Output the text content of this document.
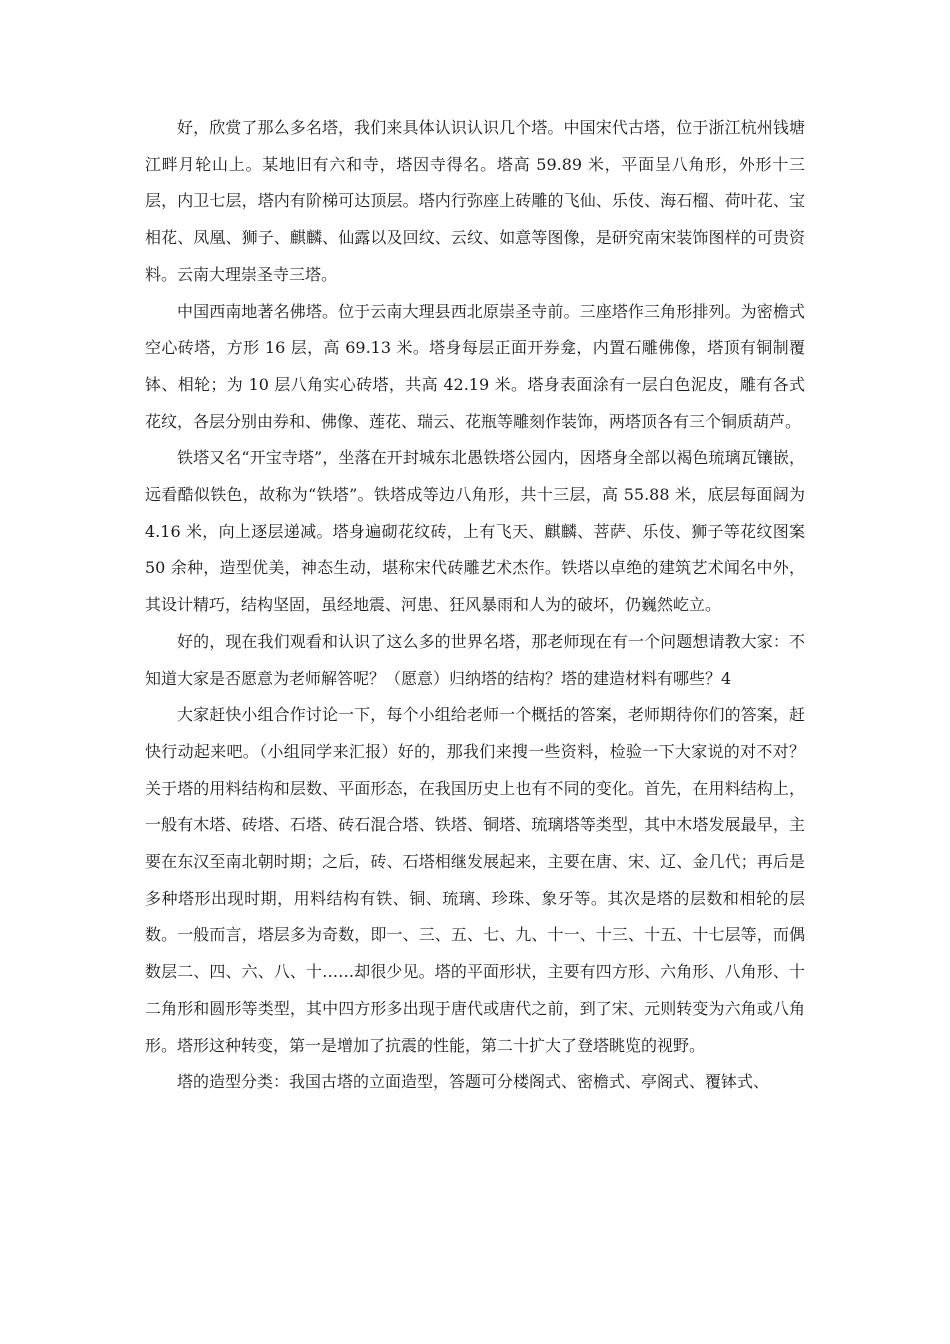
好，欣赏了那么多名塔，我们来具体认识认识几个塔。中国宋代古塔，位于浙江杭州钱塘江畔月轮山上。某地旧有六和寺，塔因寺得名。塔高 59.89 米，平面呈八角形，外形十三层，内卫七层，塔内有阶梯可达顶层。塔内行弥座上砖雕的飞仙、乐伎、海石榴、荷叶花、宝相花、凤凰、狮子、麒麟、仙露以及回纹、云纹、如意等图像，是研究南宋装饰图样的可贵资料。云南大理崇圣寺三塔。

中国西南地著名佛塔。位于云南大理县西北原崇圣寺前。三座塔作三角形排列。为密檐式空心砖塔，方形 16 层，高 69.13 米。塔身每层正面开券龛，内置石雕佛像，塔顶有铜制覆钵、相轮；为 10 层八角实心砖塔，共高 42.19 米。塔身表面涂有一层白色泥皮，雕有各式花纹，各层分别由券和、佛像、莲花、瑞云、花瓶等雕刻作装饰，两塔顶各有三个铜质葫芦。

铁塔又名“开宝寺塔”，坐落在开封城东北愚铁塔公园内，因塔身全部以褐色琉璃瓦镶嵌，远看酷似铁色，故称为“铁塔”。铁塔成等边八角形，共十三层，高 55.88 米，底层每面阔为 4.16 米，向上逐层递减。塔身遍砌花纹砖，上有飞天、麒麟、菩萨、乐伎、狮子等花纹图案 50 余种，造型优美，神态生动，堪称宋代砖雕艺术杰作。铁塔以卓绝的建筑艺术闻名中外，其设计精巧，结构坚固，虽经地震、河患、狂风暴雨和人为的破坏，仍巍然屹立。

好的，现在我们观看和认识了这么多的世界名塔，那老师现在有一个问题想请教大家：不知道大家是否愿意为老师解答呢？（愿意）归纳塔的结构？塔的建造材料有哪些？4

大家赶快小组合作讨论一下，每个小组给老师一个概括的答案，老师期待你们的答案，赶快行动起来吧。（小组同学来汇报）好的，那我们来搜一些资料，检验一下大家说的对不对？关于塔的用料结构和层数、平面形态，在我国历史上也有不同的变化。首先，在用料结构上，一般有木塔、砖塔、石塔、砖石混合塔、铁塔、铜塔、琉璃塔等类型，其中木塔发展最早，主要在东汉至南北朝时期；之后，砖、石塔相继发展起来，主要在唐、宋、辽、金几代；再后是多种塔形出现时期，用料结构有铁、铜、琉璃、珍珠、象牙等。其次是塔的层数和相轮的层数。一般而言，塔层多为奇数，即一、三、五、七、九、十一、十三、十五、十七层等，而偶数层二、四、六、八、十……却很少见。塔的平面形状，主要有四方形、六角形、八角形、十二角形和圆形等类型，其中四方形多出现于唐代或唐代之前，到了宋、元则转变为六角或八角形。塔形这种转变，第一是增加了抗震的性能，第二十扩大了登塔眺览的视野。

塔的造型分类：我国古塔的立面造型，答题可分楼阁式、密檐式、亭阁式、覆钵式、
